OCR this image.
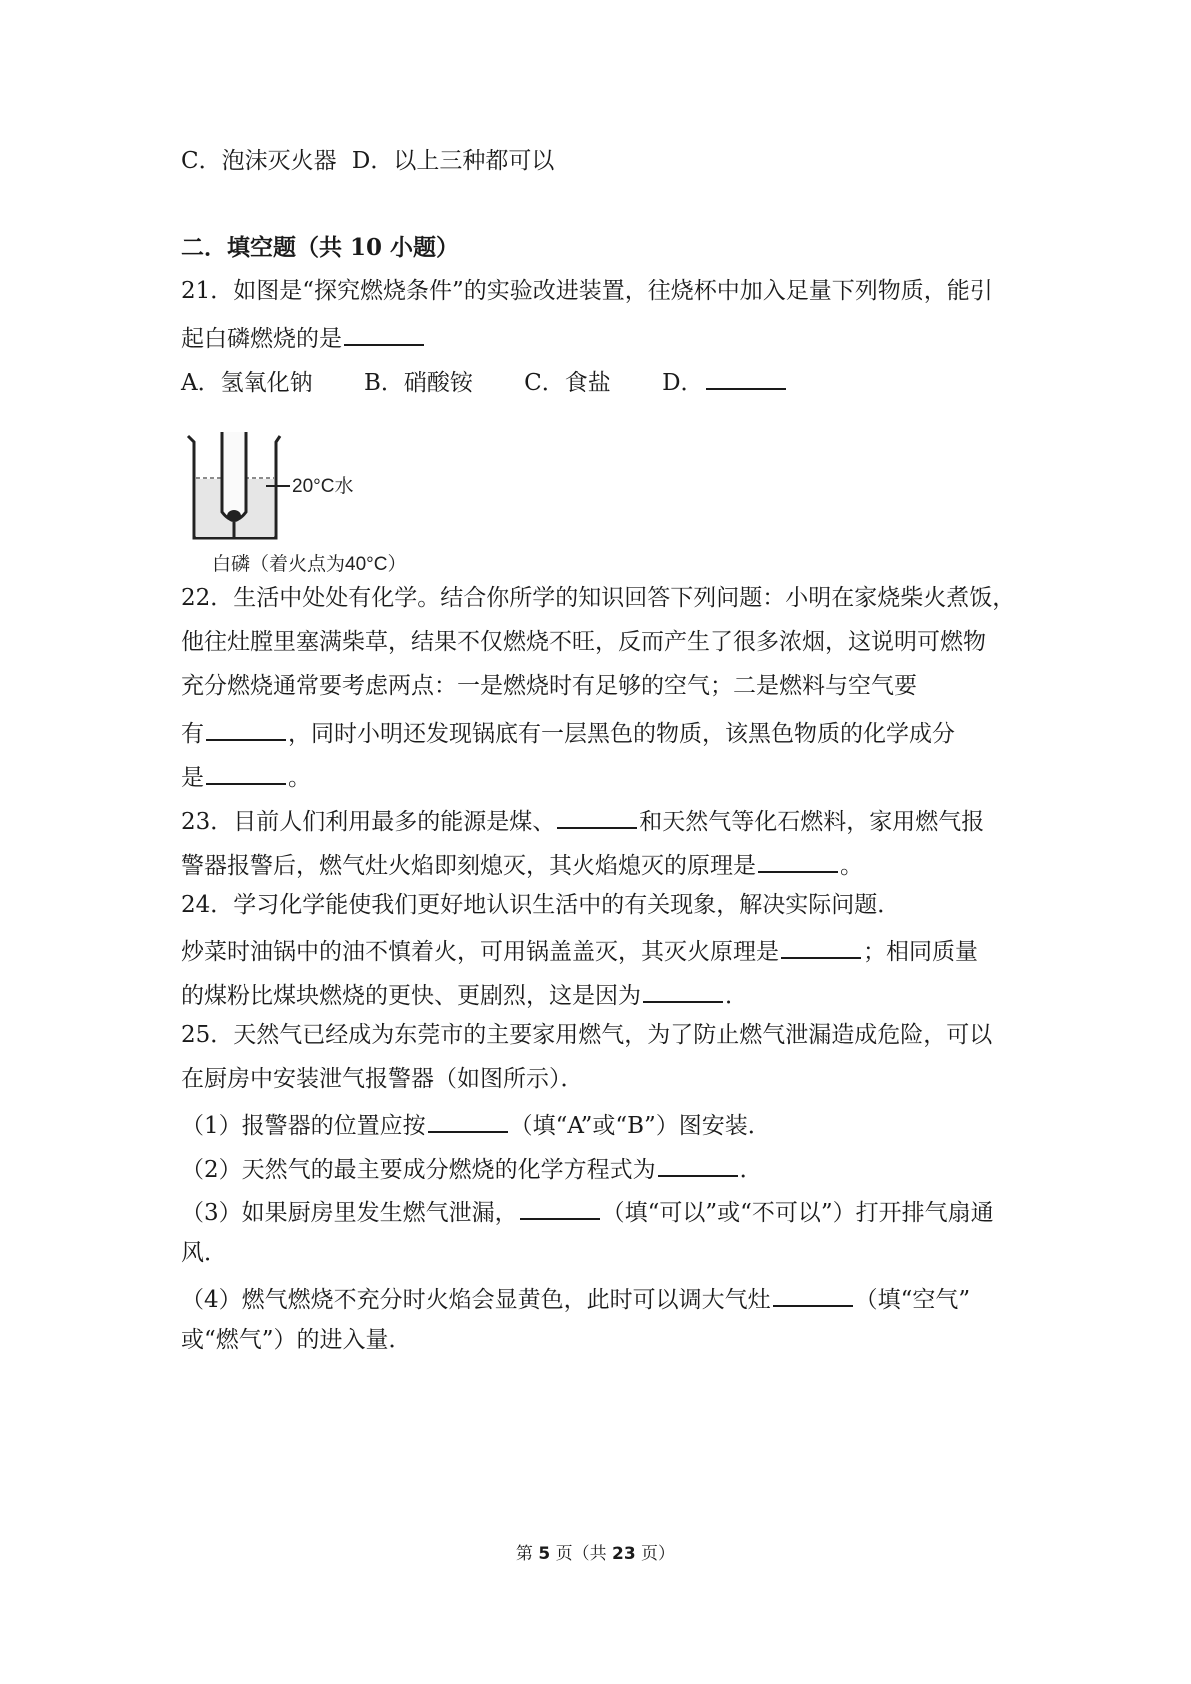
C．泡沫灭火器 D．以上三种都可以
二．填空题（共 10 小题）
21．如图是“探究燃烧条件”的实验改进装置，往烧杯中加入足量下列物质，能引
起白磷燃烧的是
A．氢氧化钠 B．硝酸铵 C．食盐 D．
20°C水
白磷（着火点为40°C）
22．生活中处处有化学。结合你所学的知识回答下列问题：小明在家烧柴火煮饭，
他往灶膛里塞满柴草，结果不仅燃烧不旺，反而产生了很多浓烟，这说明可燃物
充分燃烧通常要考虑两点：一是燃烧时有足够的空气；二是燃料与空气要
有	，同时小明还发现锅底有一层黑色的物质，该黑色物质的化学成分
是	。
23．目前人们利用最多的能源是煤、	和天然气等化石燃料，家用燃气报
警器报警后，燃气灶火焰即刻熄灭，其火焰熄灭的原理是	。
24．学习化学能使我们更好地认识生活中的有关现象，解决实际问题．
炒菜时油锅中的油不慎着火，可用锅盖盖灭，其灭火原理是	；相同质量
的煤粉比煤块燃烧的更快、更剧烈，这是因为	．
25．天然气已经成为东莞市的主要家用燃气，为了防止燃气泄漏造成危险，可以
在厨房中安装泄气报警器（如图所示）．
（1）报警器的位置应按	（填“A”或“B”）图安装．
（2）天然气的最主要成分燃烧的化学方程式为	．
（3）如果厨房里发生燃气泄漏，	（填“可以”或“不可以”）打开排气扇通
风．
（4）燃气燃烧不充分时火焰会显黄色，此时可以调大气灶	（填“空气”
或“燃气”）的进入量．
第 5 页（共 23 页）
